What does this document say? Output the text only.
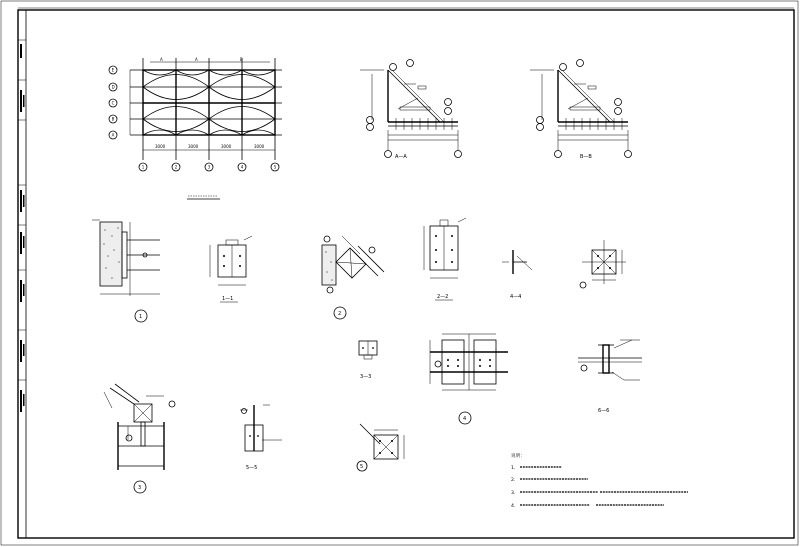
3000	3000	3000	3000
A	A	B
E
D
C
B
A
1	2	3	4	5
A—A	B—B
1
1—1
2
2—2	4—4
3—3
4
6—6
3
5—5	5
说明：
1.
2.
3.
4.
